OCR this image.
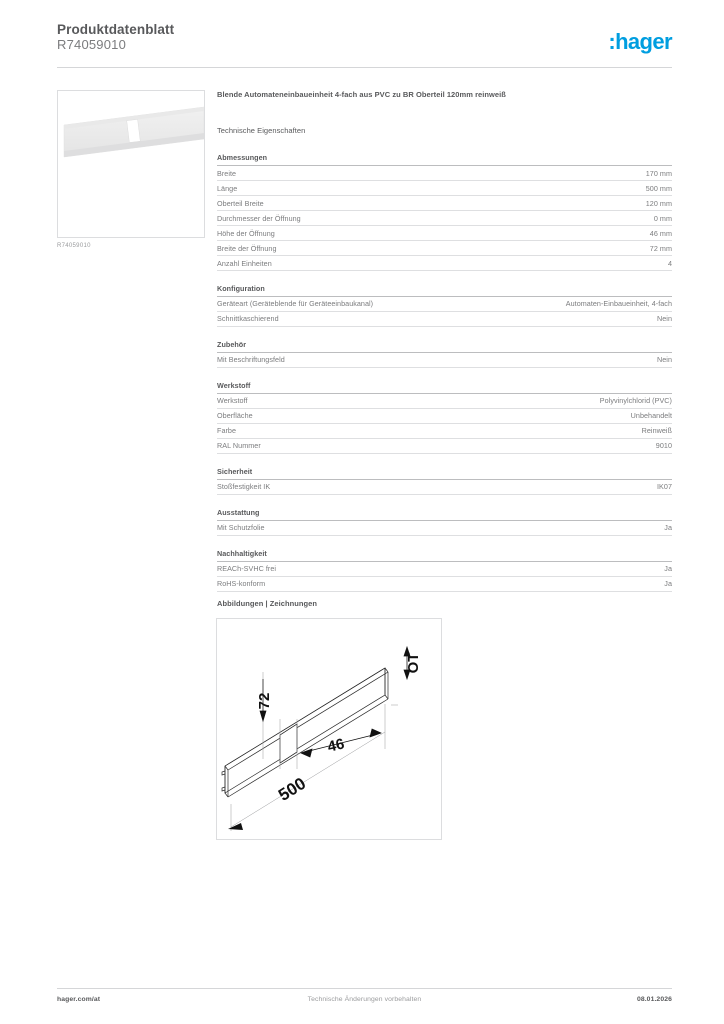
Produktdatenblatt
R74059010	:hager
R74059010
Blende Automateneinbaueinheit 4-fach aus PVC zu BR Oberteil 120mm reinweiß
Technische Eigenschaften
Abmessungen
Breite	170 mm
Länge	500 mm
Oberteil Breite	120 mm
Durchmesser der Öffnung	0 mm
Höhe der Öffnung	46 mm
Breite der Öffnung	72 mm
Anzahl Einheiten	4
Konfiguration
Geräteart (Geräteblende für Geräteeinbaukanal)	Automaten-Einbaueinheit, 4-fach
Schnittkaschierend	Nein
Zubehör
Mit Beschriftungsfeld	Nein
Werkstoff
Werkstoff	Polyvinylchlorid (PVC)
Oberfläche	Unbehandelt
Farbe	Reinweiß
RAL Nummer	9010
Sicherheit
Stoßfestigkeit IK	IK07
Ausstattung
Mit Schutzfolie	Ja
Nachhaltigkeit
REACh-SVHC frei	Ja
RoHS-konform	Ja
Abbildungen | Zeichnungen
72
46
500
OT
hager.com/at	Technische Änderungen vorbehalten	08.01.2026
